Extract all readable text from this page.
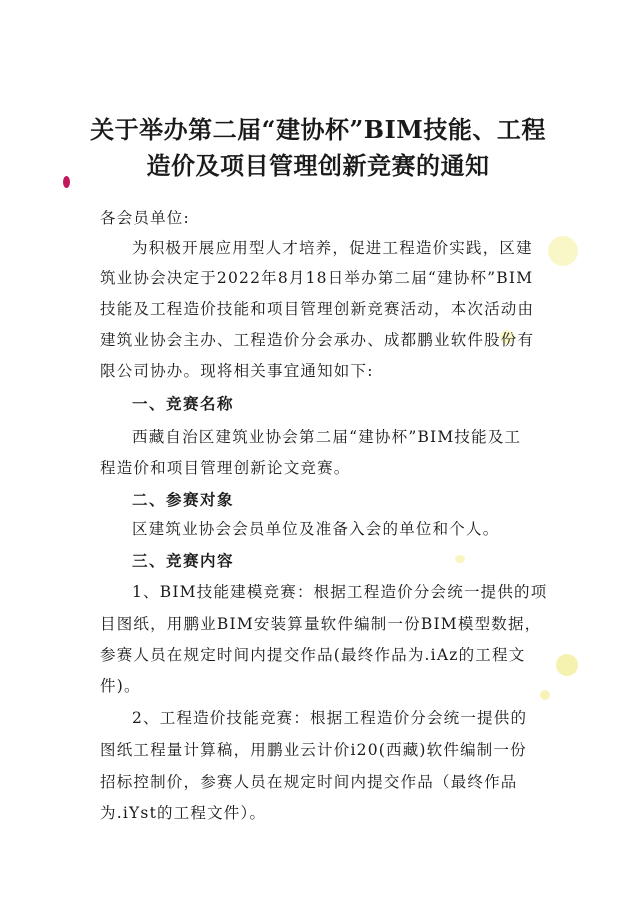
关于举办第二届“建协杯”BIM技能、工程
造价及项目管理创新竞赛的通知
各会员单位:
为积极开展应用型人才培养，促进工程造价实践，区建
筑业协会决定于2022年8月18日举办第二届“建协杯”BIM
技能及工程造价技能和项目管理创新竞赛活动，本次活动由
建筑业协会主办、工程造价分会承办、成都鹏业软件股份有
限公司协办。现将相关事宜通知如下:
一、竞赛名称
西藏自治区建筑业协会第二届“建协杯”BIM技能及工
程造价和项目管理创新论文竞赛。
二、参赛对象
区建筑业协会会员单位及准备入会的单位和个人。
三、竞赛内容
1、BIM技能建模竞赛：根据工程造价分会统一提供的项
目图纸，用鹏业BIM安装算量软件编制一份BIM模型数据，
参赛人员在规定时间内提交作品(最终作品为.iAz的工程文
件)。
2、工程造价技能竞赛：根据工程造价分会统一提供的
图纸工程量计算稿，用鹏业云计价i20(西藏)软件编制一份
招标控制价，参赛人员在规定时间内提交作品（最终作品
为.iYst的工程文件）。
